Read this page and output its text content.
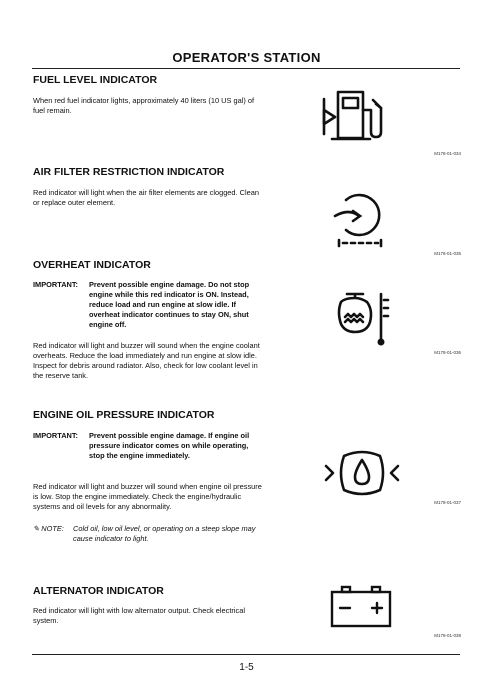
OPERATOR'S STATION
FUEL LEVEL INDICATOR
When red fuel indicator lights, approximately 40 liters (10 US gal) of fuel remain.
M178-01-034
AIR FILTER RESTRICTION INDICATOR
Red indicator will light when the air filter elements are clogged. Clean or replace outer element.
M178-01-035
OVERHEAT INDICATOR
IMPORTANT: Prevent possible engine damage. Do not stop engine while this red indicator is ON. Instead, reduce load and run engine at slow idle. If overheat indicator continues to stay ON, shut engine off.
Red indicator will light and buzzer will sound when the engine coolant overheats. Reduce the load immediately and run engine at slow idle. Inspect for debris around radiator. Also, check for low coolant level in the reserve tank.
M178-01-036
ENGINE OIL PRESSURE INDICATOR
IMPORTANT: Prevent possible engine damage. If engine oil pressure indicator comes on while operating, stop the engine immediately.
Red indicator will light and buzzer will sound when engine oil pressure is low. Stop the engine immediately. Check the engine/hydraulic systems and oil levels for any abnormality.
✎ NOTE: Cold oil, low oil level, or operating on a steep slope may cause indicator to light.
M178-01-037
ALTERNATOR INDICATOR
Red indicator will light with low alternator output. Check electrical system.
M178-01-038
1-5
